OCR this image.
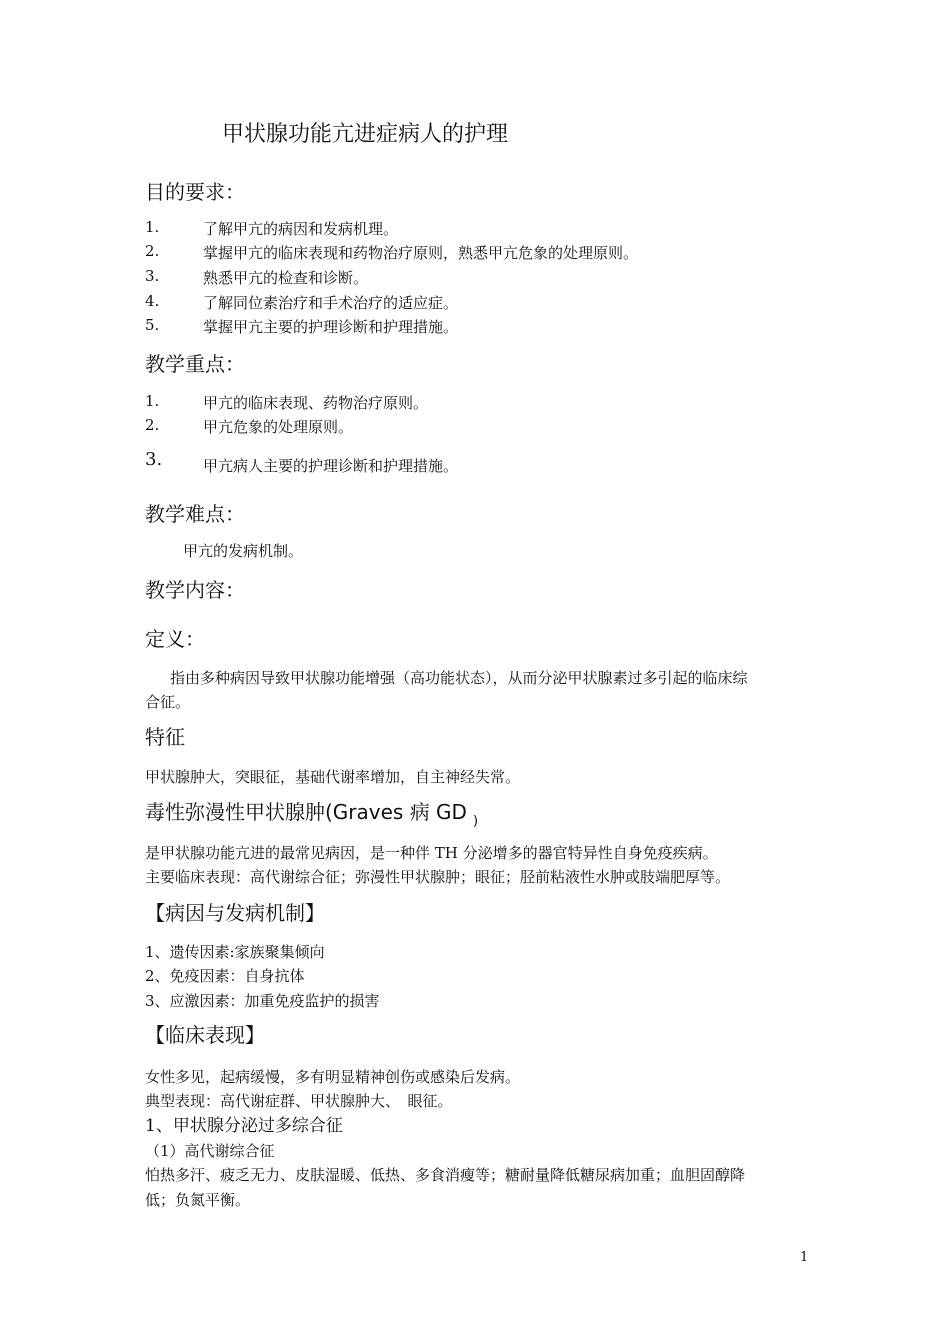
甲状腺功能亢进症病人的护理
目的要求：
1.	了解甲亢的病因和发病机理。
2.	掌握甲亢的临床表现和药物治疗原则，熟悉甲亢危象的处理原则。
3.	熟悉甲亢的检查和诊断。
4.	了解同位素治疗和手术治疗的适应症。
5.	掌握甲亢主要的护理诊断和护理措施。
教学重点：
1.	甲亢的临床表现、药物治疗原则。
2.	甲亢危象的处理原则。
3.	甲亢病人主要的护理诊断和护理措施。
教学难点：
甲亢的发病机制。
教学内容：
定义：
指由多种病因导致甲状腺功能增强（高功能状态），从而分泌甲状腺素过多引起的临床综
合征。
特征
甲状腺肿大，突眼征，基础代谢率增加，自主神经失常。
毒性弥漫性甲状腺肿(Graves 病 GD $_)$
是甲状腺功能亢进的最常见病因，是一种伴 TH 分泌增多的器官特异性自身免疫疾病。
主要临床表现：高代谢综合征；弥漫性甲状腺肿；眼征；胫前粘液性水肿或肢端肥厚等。
【病因与发病机制】
1、遗传因素:家族聚集倾向
2、免疫因素：自身抗体
3、应激因素：加重免疫监护的损害
【临床表现】
女性多见，起病缓慢，多有明显精神创伤或感染后发病。
典型表现：高代谢症群、甲状腺肿大、　眼征。
1、甲状腺分泌过多综合征
（1）高代谢综合征
怕热多汗、疲乏无力、皮肤湿暖、低热、多食消瘦等；糖耐量降低糖尿病加重；血胆固醇降
低；负氮平衡。
1
